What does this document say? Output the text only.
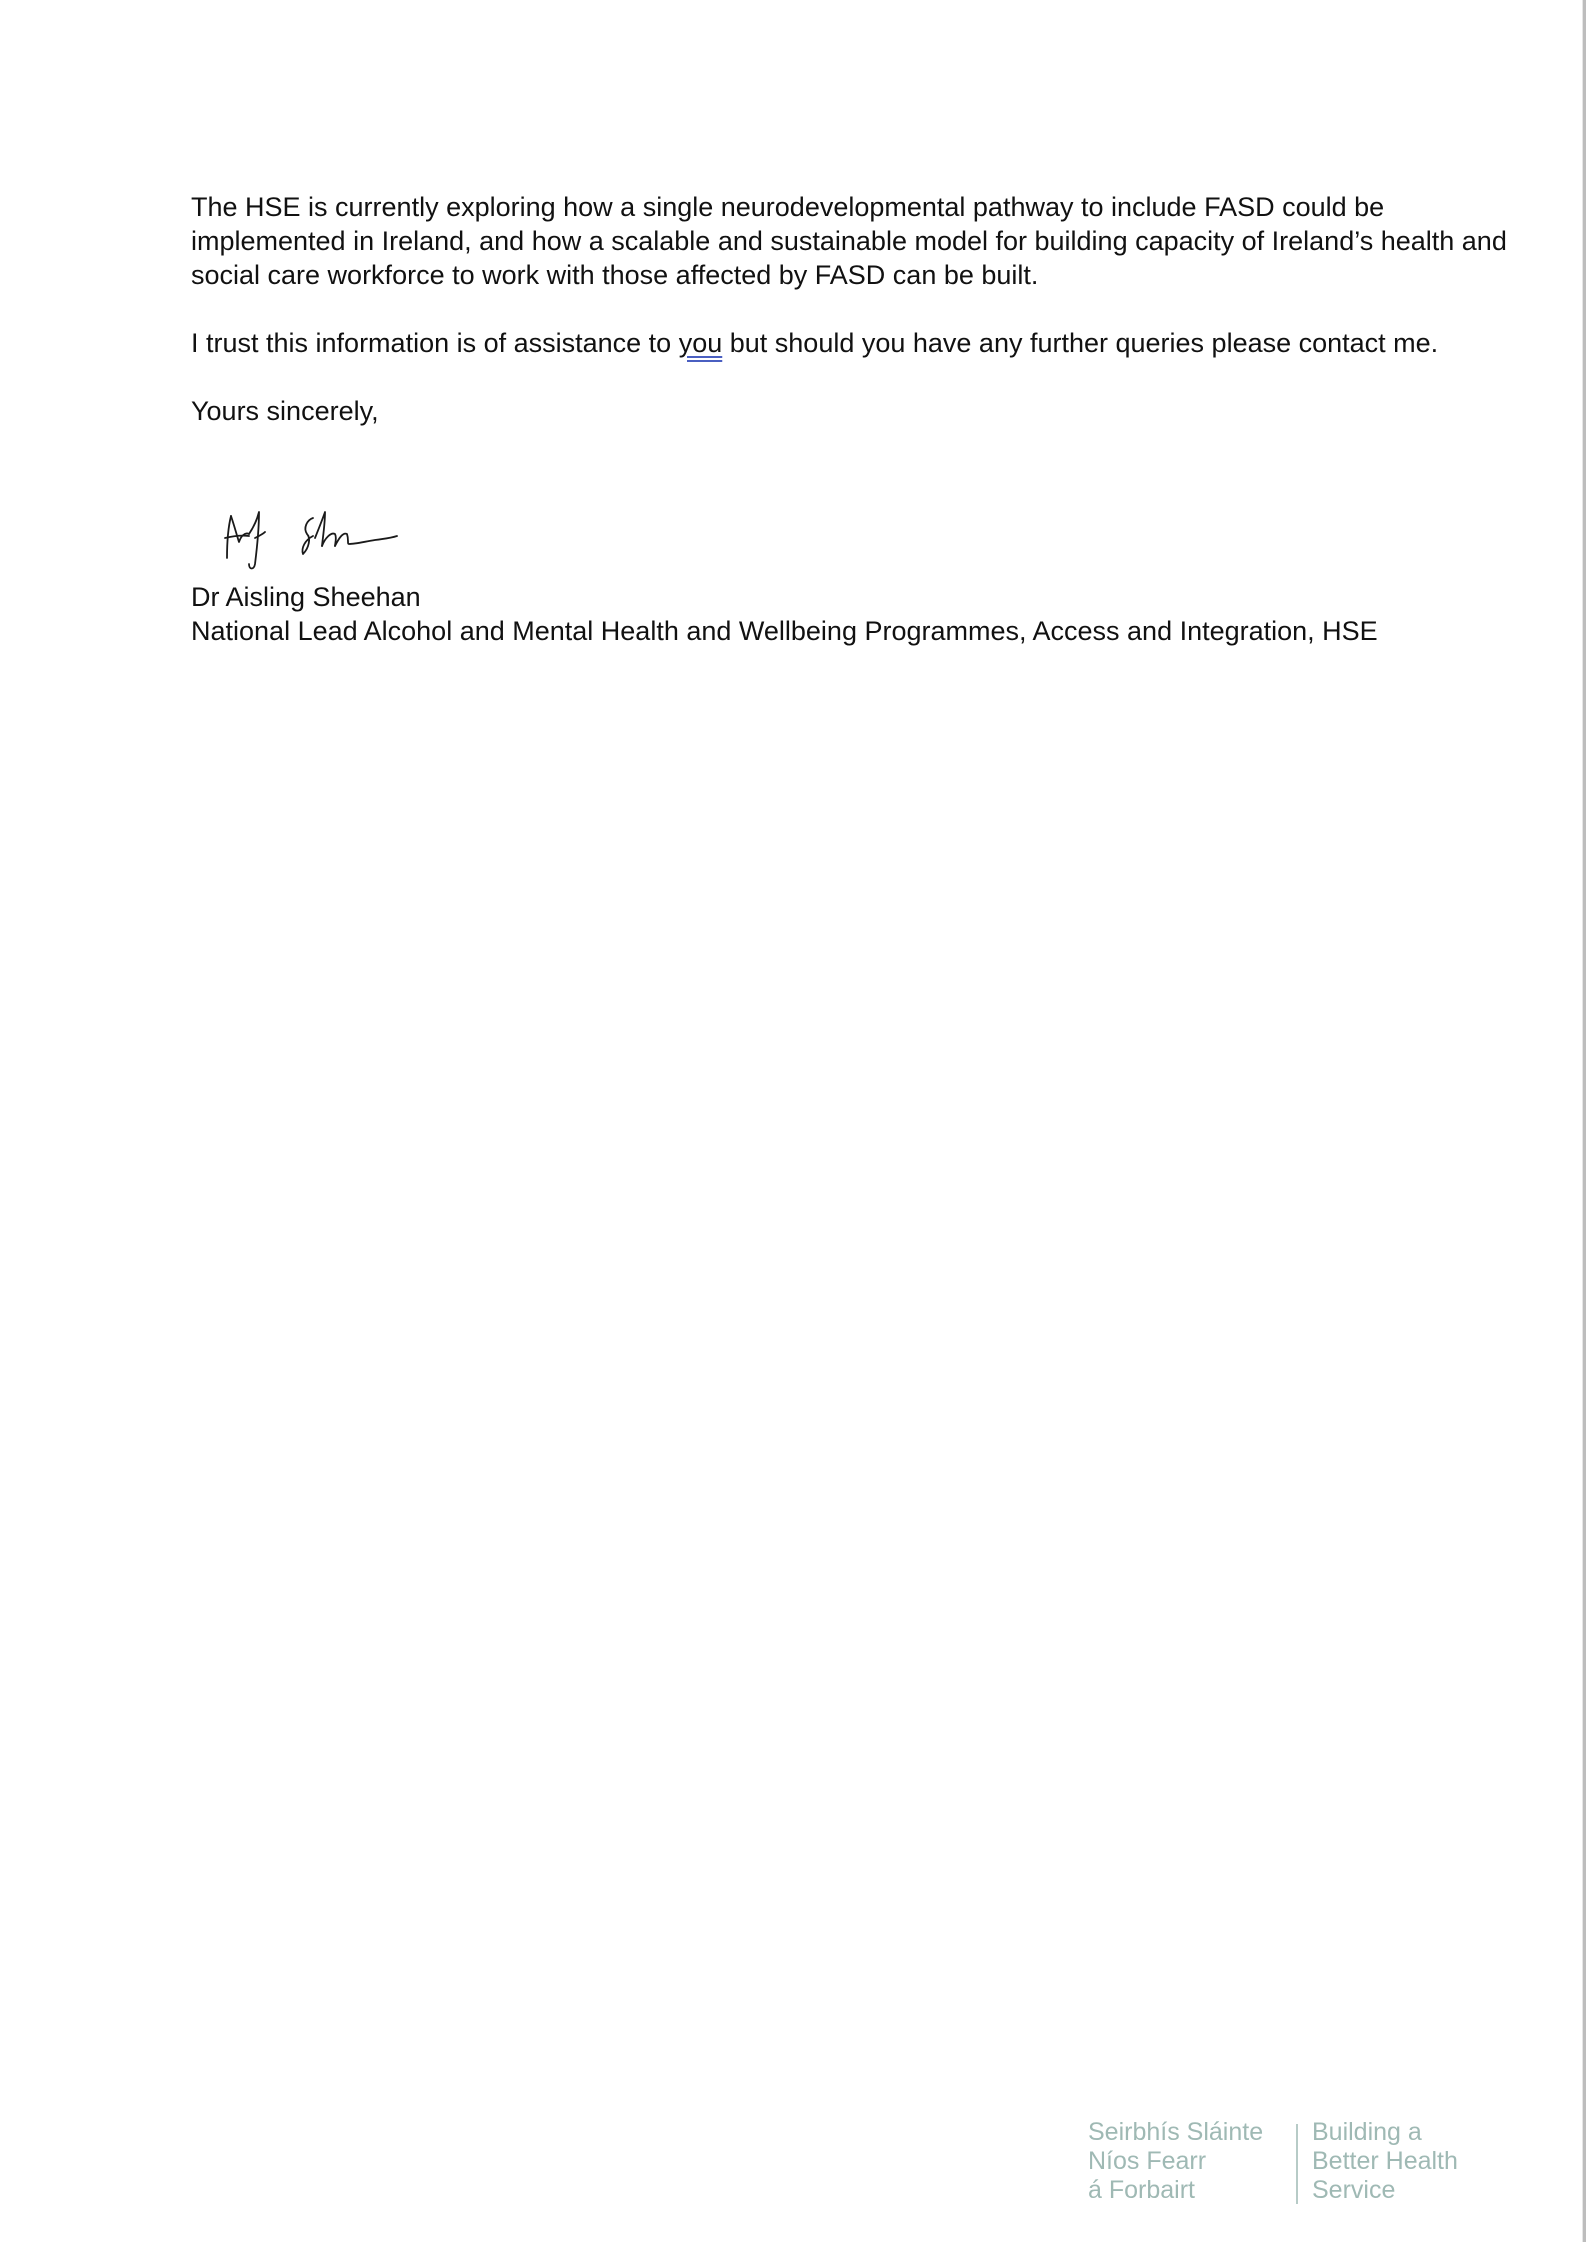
The HSE is currently exploring how a single neurodevelopmental pathway to include FASD could be
implemented in Ireland, and how a scalable and sustainable model for building capacity of Ireland’s health and
social care workforce to work with those affected by FASD can be built.

I trust this information is of assistance to you but should you have any further queries please contact me.

Yours sincerely,

Dr Aisling Sheehan
National Lead Alcohol and Mental Health and Wellbeing Programmes, Access and Integration, HSE
Seirbhís Sláinte
Níos Fearr
á Forbairt
Building a
Better Health
Service
